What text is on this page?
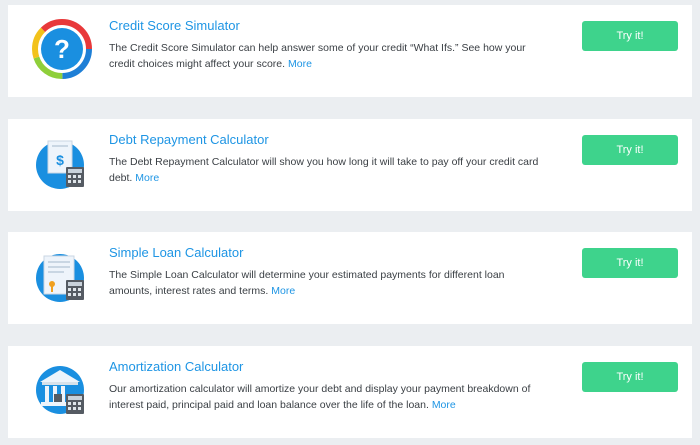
?
Credit Score Simulator
The Credit Score Simulator can help answer some of your credit “What Ifs.” See how your credit choices might affect your score. More
Try it!
$
Debt Repayment Calculator
The Debt Repayment Calculator will show you how long it will take to pay off your credit card debt. More
Try it!
Simple Loan Calculator
The Simple Loan Calculator will determine your estimated payments for different loan amounts, interest rates and terms. More
Try it!
Amortization Calculator
Our amortization calculator will amortize your debt and display your payment breakdown of interest paid, principal paid and loan balance over the life of the loan. More
Try it!
